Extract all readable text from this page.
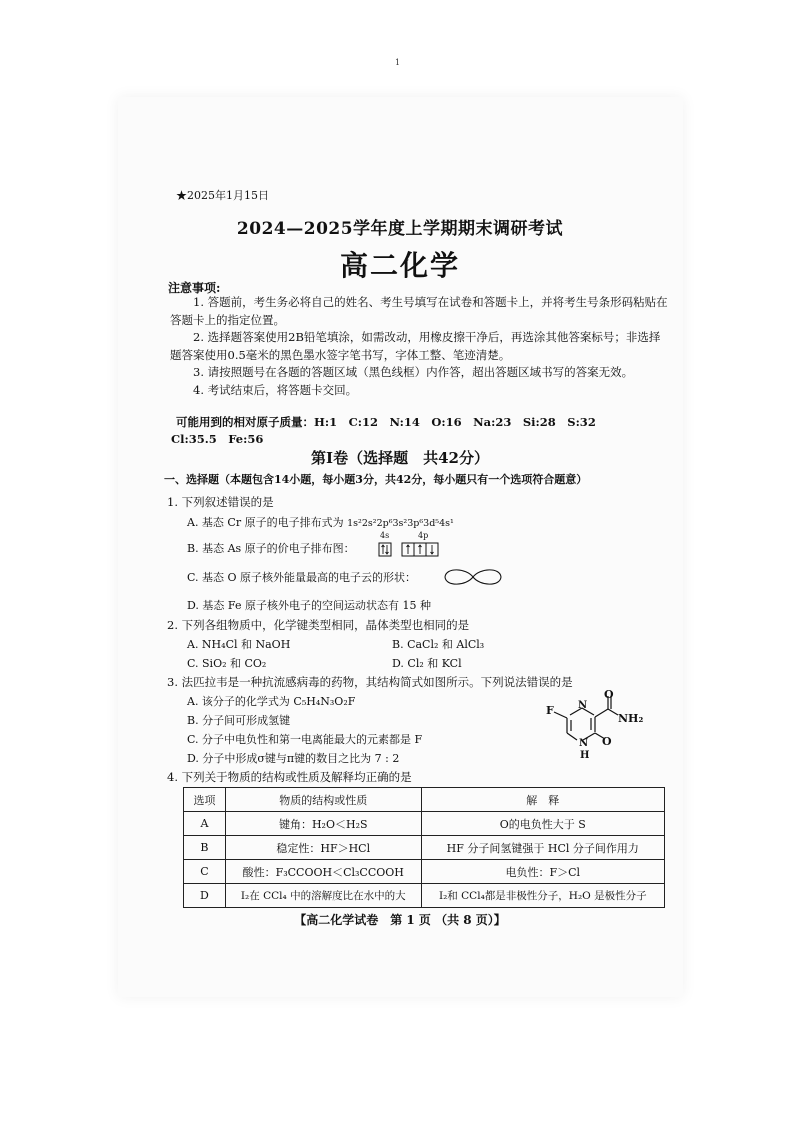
1
★2025年1月15日
2024—2025学年度上学期期末调研考试
高二化学
注意事项:

1. 答题前，考生务必将自己的姓名、考生号填写在试卷和答题卡上，并将考生号条形码粘贴在答题卡上的指定位置。

2. 选择题答案使用2B铅笔填涂，如需改动，用橡皮擦干净后，再选涂其他答案标号；非选择题答案使用0.5毫米的黑色墨水签字笔书写，字体工整、笔迹清楚。

3. 请按照题号在各题的答题区域（黑色线框）内作答，超出答题区域书写的答案无效。

4. 考试结束后，将答题卡交回。

可能用到的相对原子质量：H:1　C:12　N:14　O:16　Na:23　Si:28　S:32
Cl:35.5　Fe:56
第Ⅰ卷（选择题　共42分）
一、选择题（本题包含14小题，每小题3分，共42分，每小题只有一个选项符合题意）
1. 下列叙述错误的是
A. 基态 Cr 原子的电子排布式为 1s²2s²2p⁶3s²3p⁶3d⁵4s¹
B. 基态 As 原子的价电子排布图：
4s	4p
C. 基态 O 原子核外能量最高的电子云的形状：
D. 基态 Fe 原子核外电子的空间运动状态有 15 种
2. 下列各组物质中，化学键类型相同，晶体类型也相同的是
A. NH₄Cl 和 NaOH	B. CaCl₂ 和 AlCl₃
C. SiO₂ 和 CO₂	D. Cl₂ 和 KCl
3. 法匹拉韦是一种抗流感病毒的药物，其结构简式如图所示。下列说法错误的是
A. 该分子的化学式为 C₅H₄N₃O₂F
B. 分子间可形成氢键
C. 分子中电负性和第一电离能最大的元素都是 F
D. 分子中形成σ键与π键的数目之比为 7 : 2
F N
O
NH₂
O
N
H
4. 下列关于物质的结构或性质及解释均正确的是
选项	物质的结构或性质	解　释
A	键角：H₂O＜H₂S	O的电负性大于 S
B	稳定性：HF＞HCl	HF 分子间氢键强于 HCl 分子间作用力
C	酸性：F₃CCOOH＜Cl₃CCOOH	电负性：F＞Cl
D	I₂在 CCl₄ 中的溶解度比在水中的大	I₂和 CCl₄都是非极性分子，H₂O 是极性分子
【高二化学试卷　第 1 页 （共 8 页）】
